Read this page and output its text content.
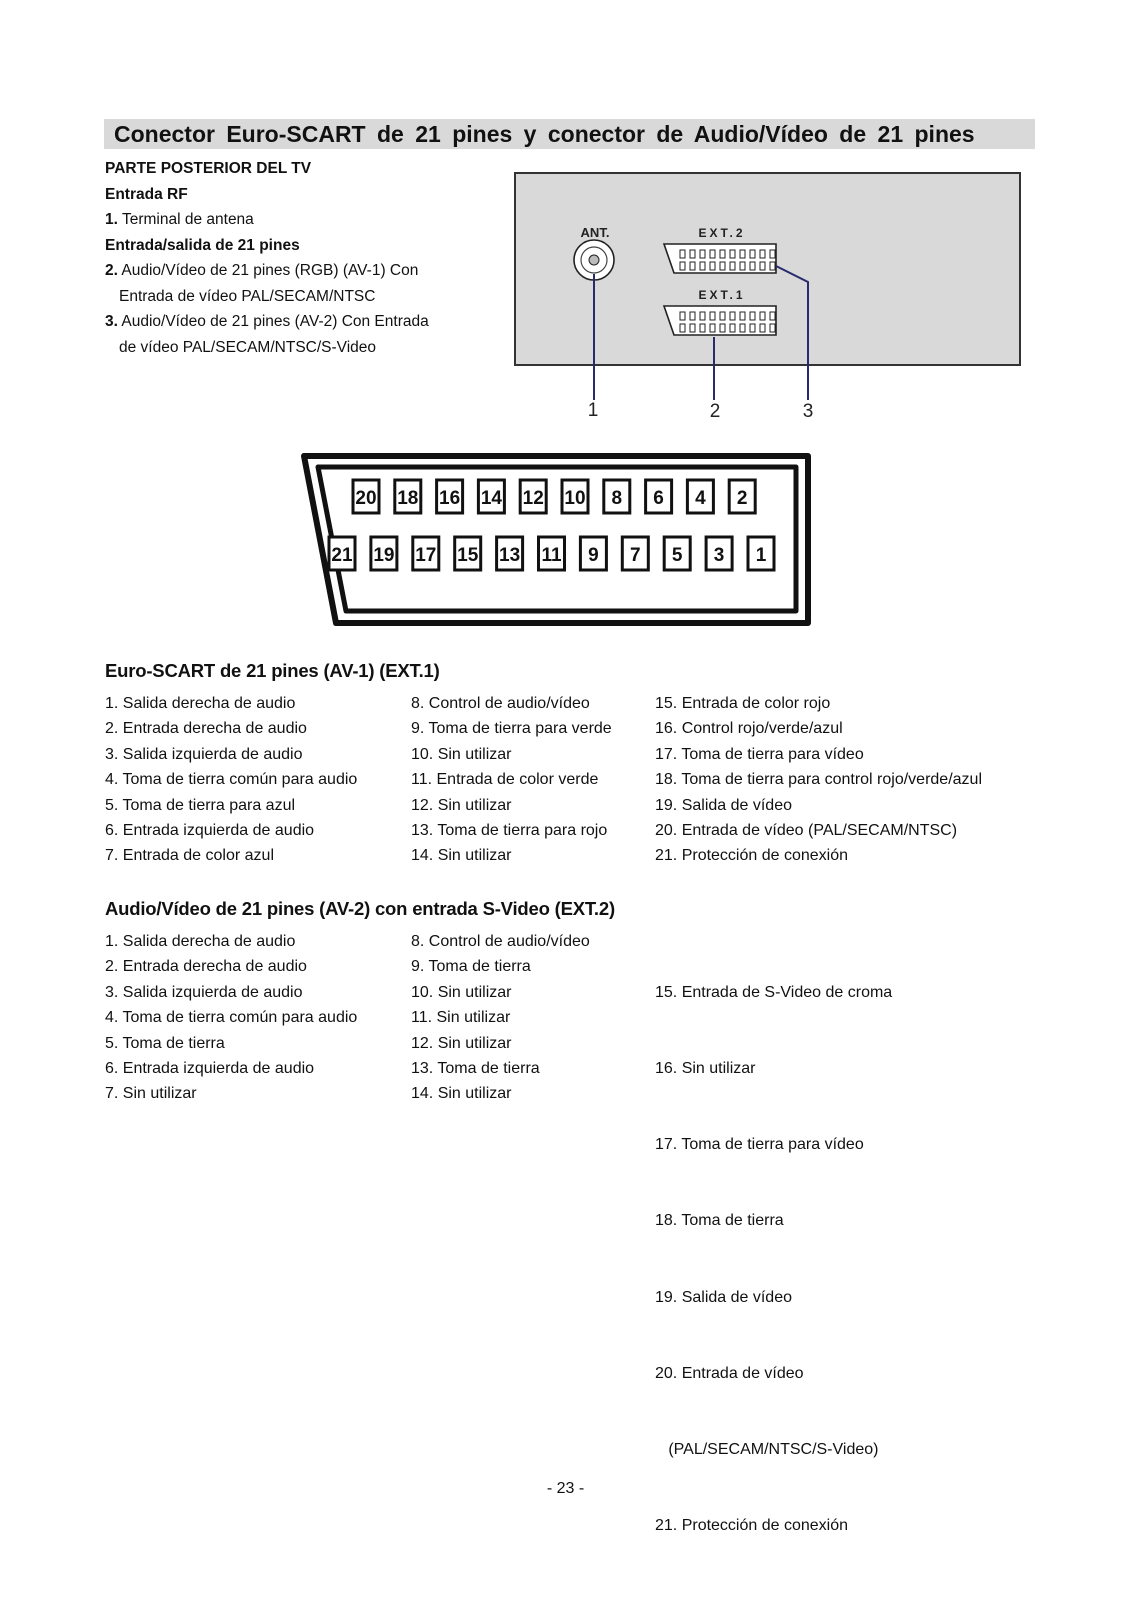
Conector Euro-SCART de 21 pines y conector de Audio/Vídeo de 21 pines
PARTE POSTERIOR DEL TV
Entrada RF
1. Terminal de antena
Entrada/salida de 21 pines
2. Audio/Vídeo de 21 pines (RGB) (AV-1) Con
Entrada de vídeo PAL/SECAM/NTSC
3. Audio/Vídeo de 21 pines (AV-2) Con Entrada
de vídeo PAL/SECAM/NTSC/S-Video
ANT.	EXT.2
EXT.1
1	2	3
20 18 16 14 12 10 8 6 4 2
21 19 17 15 13 11 9 7 5 3 1
Euro-SCART de 21 pines (AV-1) (EXT.1)
1. Salida derecha de audio
2. Entrada derecha de audio
3. Salida izquierda de audio
4. Toma de tierra común para audio
5. Toma de tierra para azul
6. Entrada izquierda de audio
7. Entrada de color azul
8. Control de audio/vídeo
9. Toma de tierra para verde
10. Sin utilizar
11. Entrada de color verde
12. Sin utilizar
13. Toma de tierra para rojo
14. Sin utilizar
15. Entrada de color rojo
16. Control rojo/verde/azul
17. Toma de tierra para vídeo
18. Toma de tierra para control rojo/verde/azul
19. Salida de vídeo
20. Entrada de vídeo (PAL/SECAM/NTSC)
21. Protección de conexión
Audio/Vídeo de 21 pines (AV-2) con entrada S-Video (EXT.2)
1. Salida derecha de audio
2. Entrada derecha de audio
3. Salida izquierda de audio
4. Toma de tierra común para audio
5. Toma de tierra
6. Entrada izquierda de audio
7. Sin utilizar
8. Control de audio/vídeo
9. Toma de tierra
10. Sin utilizar
11. Sin utilizar
12. Sin utilizar
13. Toma de tierra
14. Sin utilizar

15. Entrada de S-Video de croma

16. Sin utilizar

17. Toma de tierra para vídeo

18. Toma de tierra

19. Salida de vídeo

20. Entrada de vídeo

(PAL/SECAM/NTSC/S-Video)

21. Protección de conexión

- 23 -
